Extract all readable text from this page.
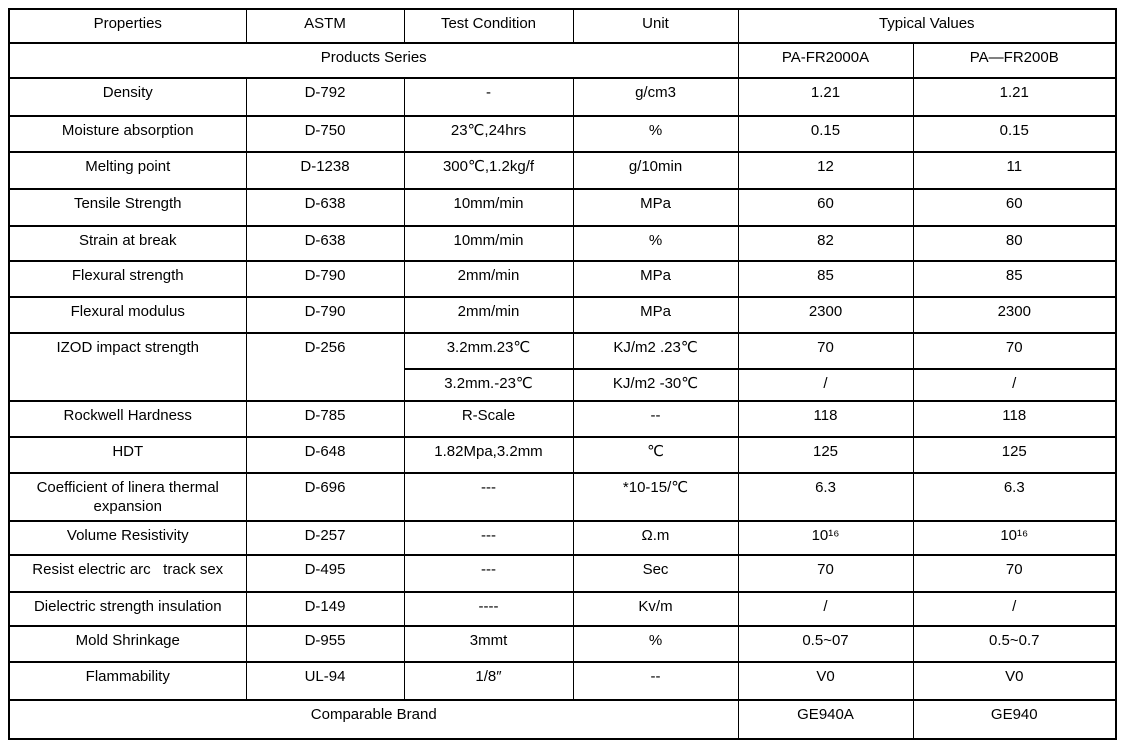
Properties	ASTM	Test Condition	Unit	Typical Values	
Products Series				PA-FR2000A	PA—FR200B
Density	D-792	-	g/cm3	1.21	1.21
Moisture absorption	D-750	23℃,24hrs	%	0.15	0.15
Melting point	D-1238	300℃,1.2kg/f	g/10min	12	11
Tensile Strength	D-638	10mm/min	MPa	60	60
Strain at break	D-638	10mm/min	%	82	80
Flexural strength	D-790	2mm/min	MPa	85	85
Flexural modulus	D-790	2mm/min	MPa	2300	2300
IZOD impact strength	D-256	3.2mm.23℃	KJ/m2 .23℃	70	70
		3.2mm.-23℃	KJ/m2 -30℃	/	/
Rockwell Hardness	D-785	R-Scale	--	118	118
HDT	D-648	1.82Mpa,3.2mm	℃	125	125
Coefficient of linera thermal expansion	D-696	---	*10-15/℃	6.3	6.3
Volume Resistivity	D-257	---	Ω.m	10¹⁶	10¹⁶
Resist electric arc   track sex	D-495	---	Sec	70	70
Dielectric strength insulation	D-149	----	Kv/m	/	/
Mold Shrinkage	D-955	3mmt	%	0.5~07	0.5~0.7
Flammability	UL-94	1/8″	--	V0	V0
Comparable Brand				GE940A	GE940
